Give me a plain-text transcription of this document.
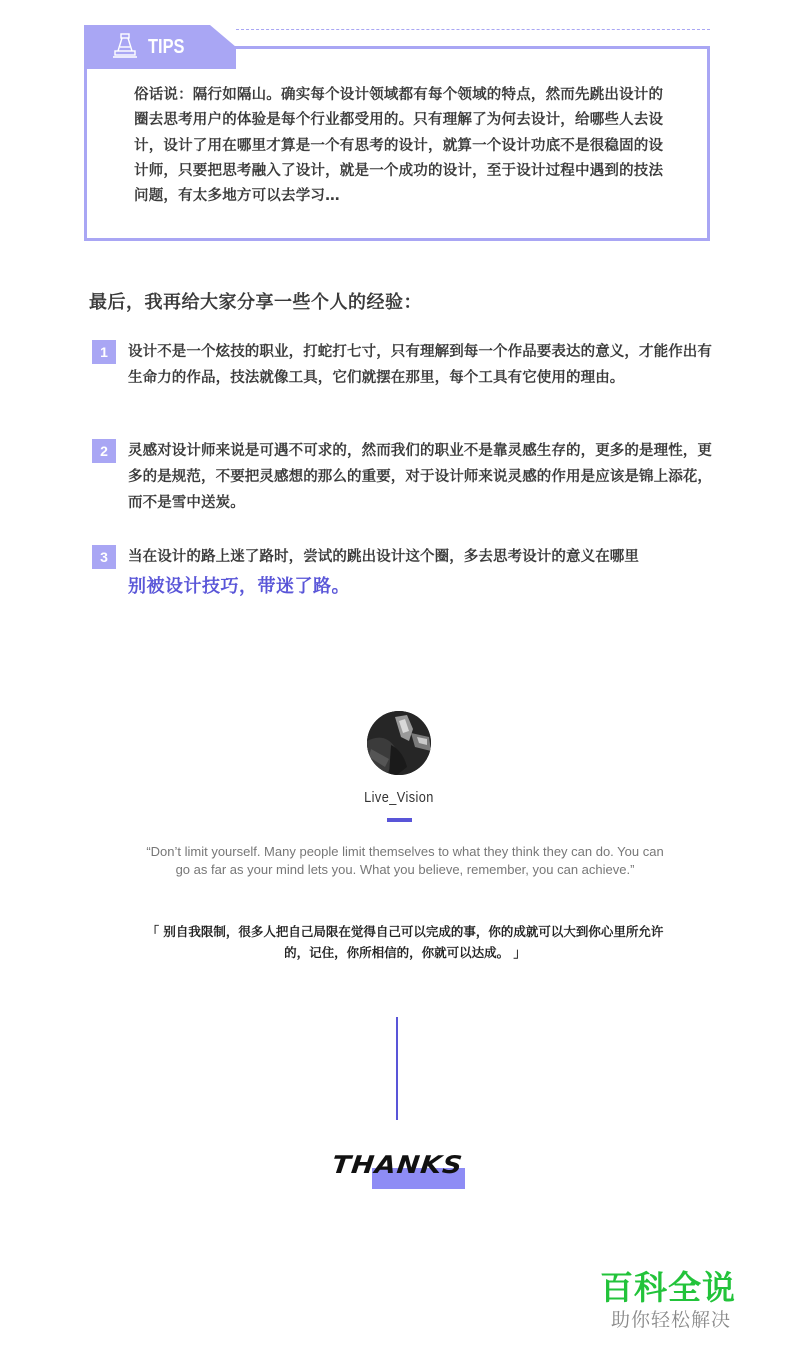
TIPS

俗话说：隔行如隔山。确实每个设计领域都有每个领域的特点，然而先跳出设计的圈去思考用户的体验是每个行业都受用的。只有理解了为何去设计，给哪些人去设计，设计了用在哪里才算是一个有思考的设计，就算一个设计功底不是很稳固的设计师，只要把思考融入了设计，就是一个成功的设计，至于设计过程中遇到的技法问题，有太多地方可以去学习…

最后，我再给大家分享一些个人的经验：
1	设计不是一个炫技的职业，打蛇打七寸，只有理解到每一个作品要表达的意义，才能作出有生命力的作品，技法就像工具，它们就摆在那里，每个工具有它使用的理由。

2	灵感对设计师来说是可遇不可求的，然而我们的职业不是靠灵感生存的，更多的是理性，更多的是规范，不要把灵感想的那么的重要，对于设计师来说灵感的作用是应该是锦上添花，而不是雪中送炭。

3	当在设计的路上迷了路时，尝试的跳出设计这个圈，多去思考设计的意义在哪里
别被设计技巧，带迷了路。
Live_Vision

“Don’t limit yourself. Many people limit themselves to what they think they can do. You can go as far as your mind lets you. What you believe, remember, you can achieve.”

「 别自我限制，很多人把自己局限在觉得自己可以完成的事，你的成就可以大到你心里所允许的，记住，你所相信的，你就可以达成。 」

THANKS
百科全说
助你轻松解决
